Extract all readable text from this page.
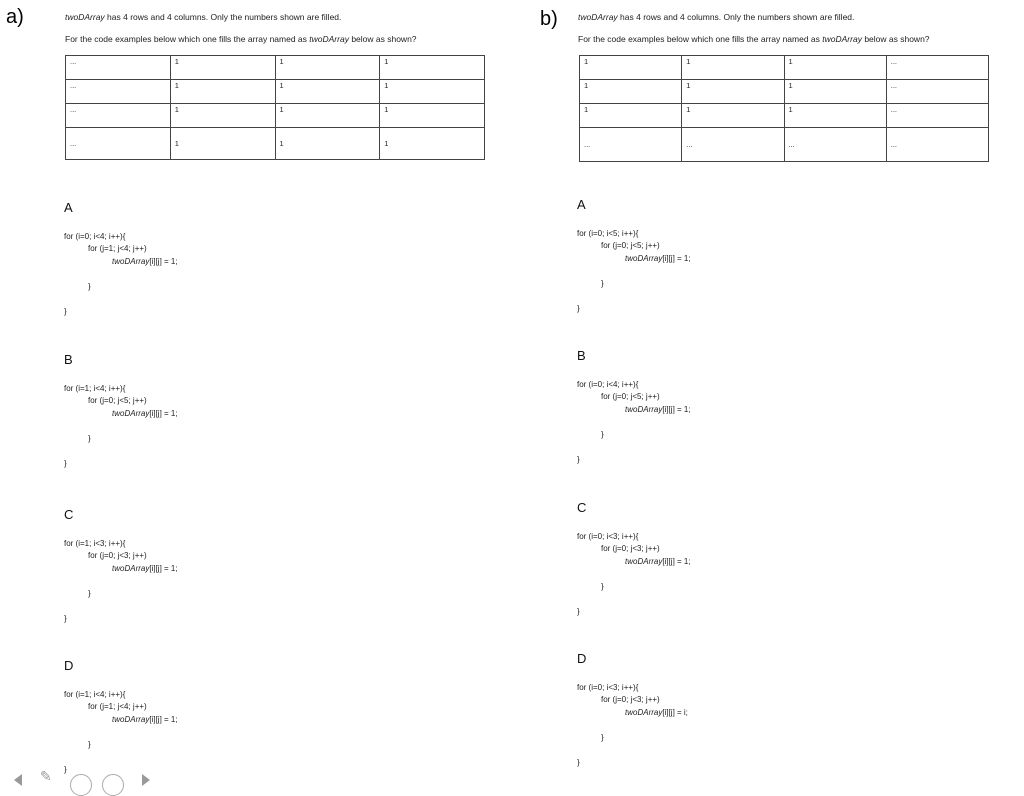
a)	twoDArray has 4 rows and 4 columns. Only the numbers shown are filled.
For the code examples below which one fills the array named as twoDArray below as shown?
...	1	1	1
...	1	1	1
...	1	1	1
...	1	1	1
A
for (i=0; i<4; i++){
for (j=1; j<4; j++)
twoDArray[i][j] = 1;
}
}
B
for (i=1; i<4; i++){
for (j=0; j<5; j++)
twoDArray[i][j] = 1;
}
}
C
for (i=1; i<3; i++){
for (j=0; j<3; j++)
twoDArray[i][j] = 1;
}
}
D
for (i=1; i<4; i++){
for (j=1; j<4; j++)
twoDArray[i][j] = 1;
}
}
b) twoDArray has 4 rows and 4 columns. Only the numbers shown are filled.
For the code examples below which one fills the array named as twoDArray below as shown?
1	1	1	...
1	1	1	...
1	1	1	...
...	...	...	...
A
for (i=0; i<5; i++){
for (j=0; j<5; j++)
twoDArray[i][j] = 1;
}
}
B
for (i=0; i<4; i++){
for (j=0; j<5; j++)
twoDArray[i][j] = 1;
}
}
C
for (i=0; i<3; i++){
for (j=0; j<3; j++)
twoDArray[i][j] = 1;
}
}
D
for (i=0; i<3; i++){
for (j=0; j<3; j++)
twoDArray[i][j] = i;
}
}
✎
